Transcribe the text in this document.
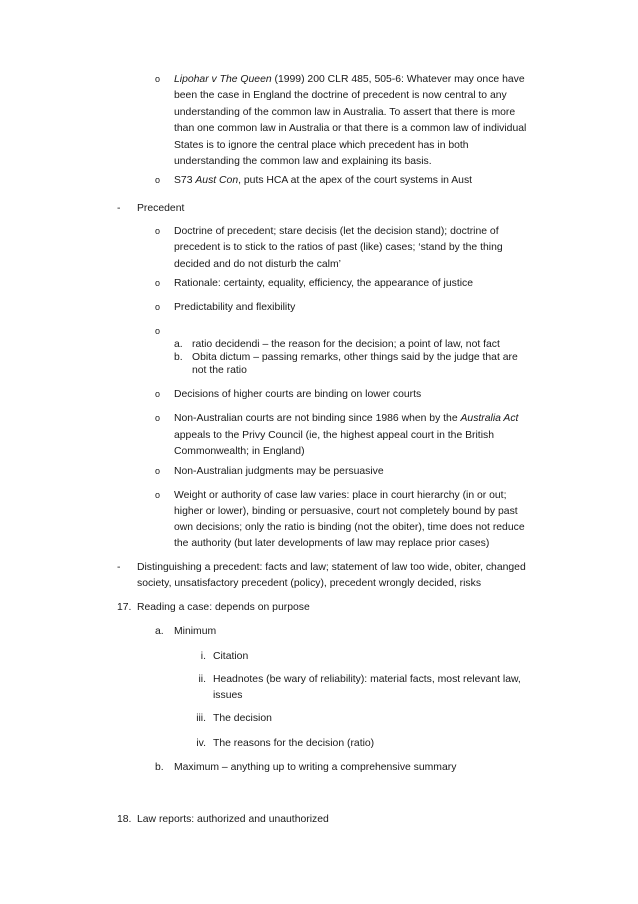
o Lipohar v The Queen (1999) 200 CLR 485, 505-6: Whatever may once have
been the case in England the doctrine of precedent is now central to any
understanding of the common law in Australia. To assert that there is more
than one common law in Australia or that there is a common law of individual
States is to ignore the central place which precedent has in both
understanding the common law and explaining its basis.
o S73 Aust Con, puts HCA at the apex of the court systems in Aust
- Precedent
o Doctrine of precedent; stare decisis (let the decision stand); doctrine of
precedent is to stick to the ratios of past (like) cases; ‘stand by the thing
decided and do not disturb the calm’
o Rationale: certainty, equality, efficiency, the appearance of justice
o Predictability and flexibility
o
a. ratio decidendi – the reason for the decision; a point of law, not fact
b. Obita dictum – passing remarks, other things said by the judge that are
not the ratio
o Decisions of higher courts are binding on lower courts
o Non-Australian courts are not binding since 1986 when by the Australia Act
appeals to the Privy Council (ie, the highest appeal court in the British
Commonwealth; in England)
o Non-Australian judgments may be persuasive
o Weight or authority of case law varies: place in court hierarchy (in or out;
higher or lower), binding or persuasive, court not completely bound by past
own decisions; only the ratio is binding (not the obiter), time does not reduce
the authority (but later developments of law may replace prior cases)
- Distinguishing a precedent: facts and law; statement of law too wide, obiter, changed
society, unsatisfactory precedent (policy), precedent wrongly decided, risks
17. Reading a case: depends on purpose
a. Minimum
i. Citation
ii. Headnotes (be wary of reliability): material facts, most relevant law,
issues
iii. The decision
iv. The reasons for the decision (ratio)
b. Maximum – anything up to writing a comprehensive summary
18. Law reports: authorized and unauthorized
